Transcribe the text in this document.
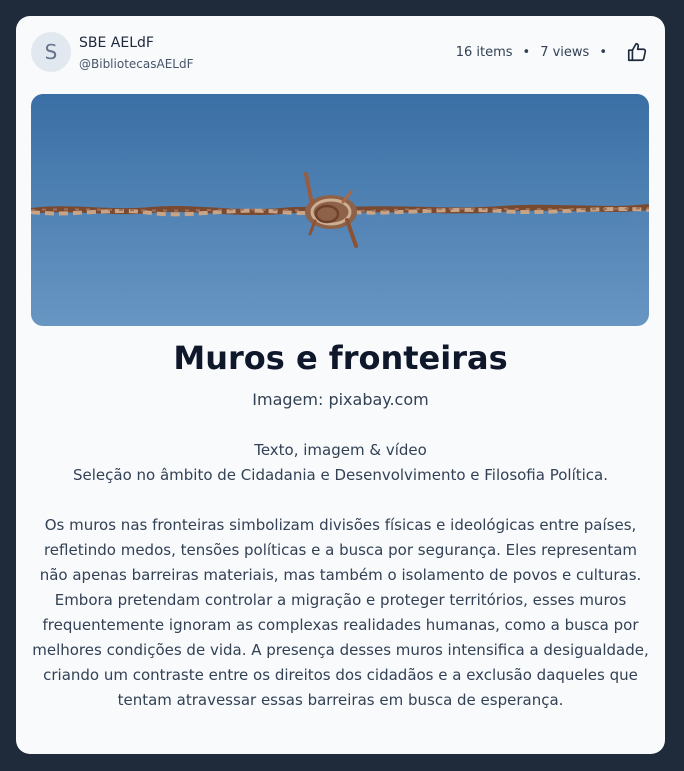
S SBE AELdF
@BibliotecasAELdF
16 items • 7 views •
Muros e fronteiras
Imagem: pixabay.com

Texto, imagem & vídeo

Seleção no âmbito de Cidadania e Desenvolvimento e Filosofia Política.

Os muros nas fronteiras simbolizam divisões físicas e ideológicas entre países, refletindo medos, tensões políticas e a busca por segurança. Eles representam não apenas barreiras materiais, mas também o isolamento de povos e culturas. Embora pretendam controlar a migração e proteger territórios, esses muros frequentemente ignoram as complexas realidades humanas, como a busca por melhores condições de vida. A presença desses muros intensifica a desigualdade, criando um contraste entre os direitos dos cidadãos e a exclusão daqueles que tentam atravessar essas barreiras em busca de esperança.
